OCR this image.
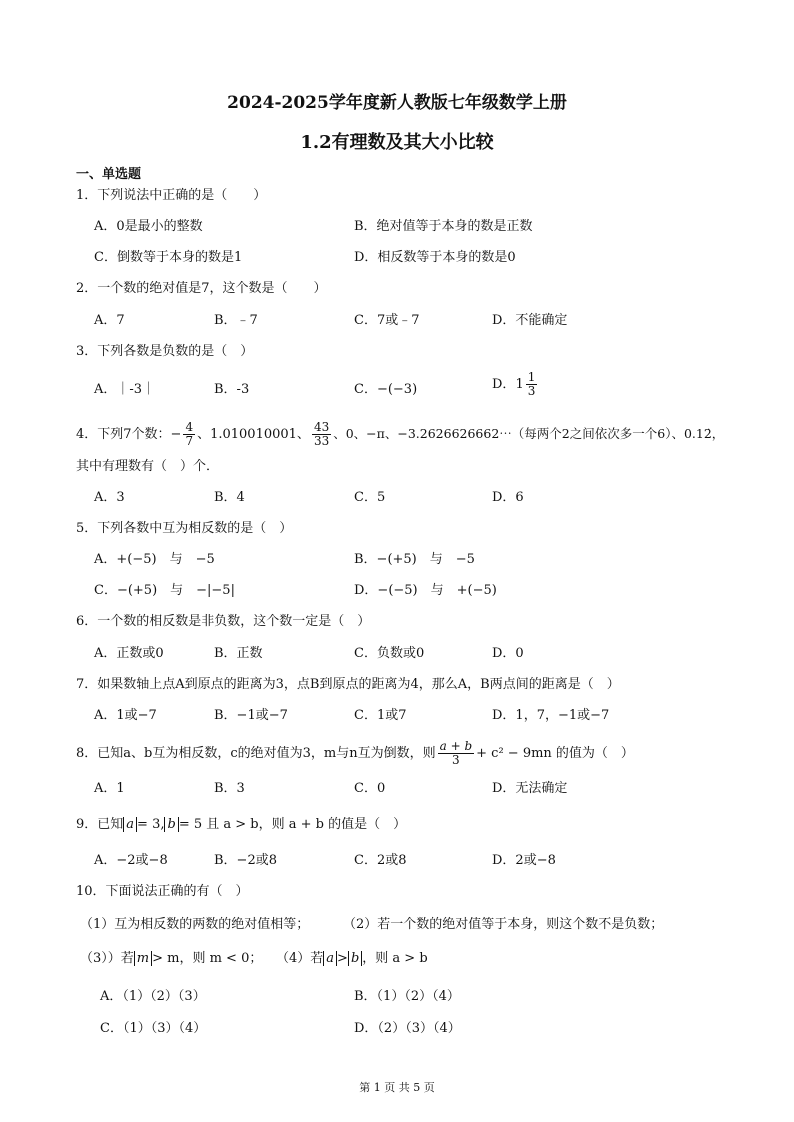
2024-2025学年度新人教版七年级数学上册
1.2有理数及其大小比较
一、单选题
1．下列说法中正确的是（　　）
A．0是最小的整数	B．绝对值等于本身的数是正数
C．倒数等于本身的数是1	D．相反数等于本身的数是0
2．一个数的绝对值是7，这个数是（　　）
A．7	B．﹣7	C．7或﹣7	D．不能确定
3．下列各数是负数的是（　）
A．｜-3｜	B．-3	C．−(−3)	D．$1 \frac{1}{3}$
4．下列7个数：− $\frac{4}{7}$ 、1.010010001、 $\frac{43}{33}$ 、0、−π、−3.2626626662⋯（每两个2之间依次多一个6）、0.12̇，
其中有理数有（　）个．
A．3	B．4	C．5	D．6
5．下列各数中互为相反数的是（　）
A．+(−5)　与　−5	B．−(+5)　与　−5
C．−(+5)　与　−|−5|	D．−(−5)　与　+(−5)
6．一个数的相反数是非负数，这个数一定是（　）
A．正数或0	B．正数	C．负数或0	D．0
7．如果数轴上点A到原点的距离为3，点B到原点的距离为4，那么A，B两点间的距离是（　）
A．1或−7	B．−1或−7	C．1或7	D．1，7，−1或−7
8．已知a、b互为相反数，c的绝对值为3，m与n互为倒数，则 $\frac{a + b}{3} + c^2 - 9mn$ 的值为（　）
A．1	B．3	C．0	D．无法确定
9．已知 a = 3, b = 5 且 a > b，则 a + b 的值是（　）
A．−2或−8	B．−2或8	C．2或8	D．2或−8
10．下面说法正确的有（　）
（1）互为相反数的两数的绝对值相等；	（2）若一个数的绝对值等于本身，则这个数不是负数；
（3））若 m > m，则 m < 0； （4）若 a > b ，则 a > b
A．（1）（2）（3）	B．（1）（2）（4）
C．（1）（3）（4）	D．（2）（3）（4）
第 1 页 共 5 页
